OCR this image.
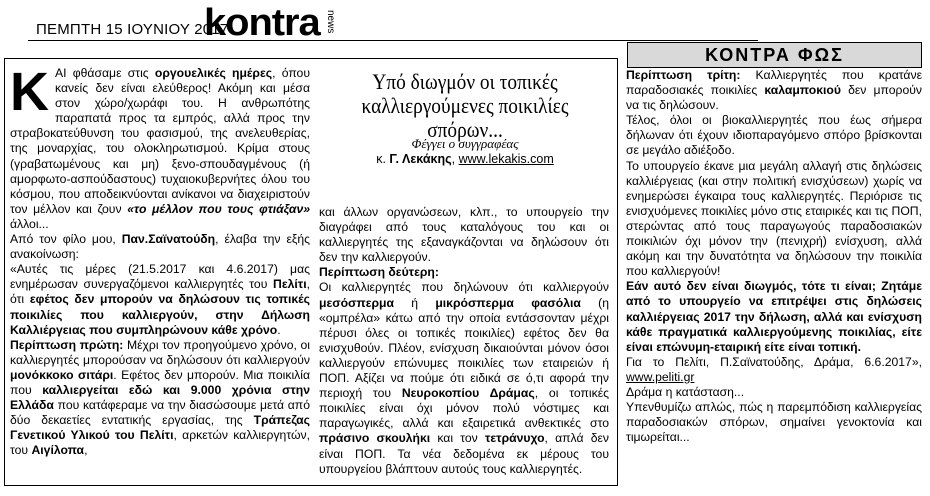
ΠΕΜΠΤΗ 15 ΙΟΥΝΙΟΥ 2017
kontra news
ΚΟΝΤΡΑ ΦΩΣ
Κ ΑΙ φθάσαμε στις οργουελικές ημέρες, όπου κανείς δεν είναι ελεύθερος! Ακόμη και μέσα στον χώρο/χωράφι του. Η ανθρωπότης παραπατά προς τα εμπρός, αλλά προς την στραβοκατεύθυνση του φασισμού, της ανελευθερίας, της μοναρχίας, του ολοκληρωτισμού. Κρίμα στους (γραβατωμένους και μη) ξενο-σπουδαγμένους (ή αμορφωτο-ασπούδαστους) τυχαιοκυβερνήτες όλου του κόσμου, που αποδεικνύονται ανίκανοι να διαχειριστούν τον μέλλον και ζουν «το μέλλον που τους φτιάξαν» άλλοι...

Από τον φίλο μου, Παν.Σαϊνατούδη, έλαβα την εξής ανακοίνωση:

«Αυτές τις μέρες (21.5.2017 και 4.6.2017) μας ενημέρωσαν συνεργαζόμενοι καλλιεργητές του Πελίτι, ότι εφέτος δεν μπορούν να δηλώσουν τις τοπικές ποικιλίες που καλλιεργούν, στην Δήλωση Καλλιέργειας που συμπληρώνουν κάθε χρόνο.

Περίπτωση πρώτη: Μέχρι τον προηγούμενο χρόνο, οι καλλιεργητές μπορούσαν να δηλώσουν ότι καλλιεργούν μονόκκοκο σιτάρι. Εφέτος δεν μπορούν. Μια ποικιλία που καλλιεργείται εδώ και 9.000 χρόνια στην Ελλάδα που κατάφεραμε να την διασώσουμε μετά από δύο δεκαετίες εντατικής εργασίας, της Τράπεζας Γενετικού Υλικού του Πελίτι, αρκετών καλλιεργητών, του Αιγίλοπα,

Υπό διωγμόν οι τοπικές καλλιεργούμενες ποικιλίες σπόρων...
Φέγγει ο συγγραφέας
κ. Γ. Λεκάκης, www.lekakis.com

και άλλων οργανώσεων, κλπ., το υπουργείο την διαγράφει από τους καταλόγους του και οι καλλιεργητές της εξαναγκάζονται να δηλώσουν ότι δεν την καλλιεργούν.

Περίπτωση δεύτερη:

Οι καλλιεργητές που δηλώνουν ότι καλλιεργούν μεσόσπερμα ή μικρόσπερμα φασόλια (η «ομπρέλα» κάτω από την οποία εντάσσονταν μέχρι πέρυσι όλες οι τοπικές ποικιλίες) εφέτος δεν θα ενισχυθούν. Πλέον, ενίσχυση δικαιούνται μόνον όσοι καλλιεργούν επώνυμες ποικιλίες των εταιρειών ή ΠΟΠ. Αξίζει να πούμε ότι ειδικά σε ό,τι αφορά την περιοχή του Νευροκοπίου Δράμας, οι τοπικές ποικιλίες είναι όχι μόνον πολύ νόστιμες και παραγωγικές, αλλά και εξαιρετικά ανθεκτικές στο πράσινο σκουλήκι και τον τετράνυχο, απλά δεν είναι ΠΟΠ. Τα νέα δεδομένα εκ μέρους του υπουργείου βλάπτουν αυτούς τους καλλιεργητές.

Περίπτωση τρίτη: Καλλιεργητές που κρατάνε παραδοσιακές ποικιλίες καλαμποκιού δεν μπορούν να τις δηλώσουν.

Τέλος, όλοι οι βιοκαλλιεργητές που έως σήμερα δήλωναν ότι έχουν ιδιοπαραγόμενο σπόρο βρίσκονται σε μεγάλο αδιέξοδο.

Το υπουργείο έκανε μια μεγάλη αλλαγή στις δηλώσεις καλλιέργειας (και στην πολιτική ενισχύσεων) χωρίς να ενημερώσει έγκαιρα τους καλλιεργητές. Περιόρισε τις ενισχυόμενες ποικιλίες μόνο στις εταιρικές και τις ΠΟΠ, στερώντας από τους παραγωγούς παραδοσιακών ποικιλιών όχι μόνον την (πενιχρή) ενίσχυση, αλλά ακόμη και την δυνατότητα να δηλώσουν την ποικιλία που καλλιεργούν!

Εάν αυτό δεν είναι διωγμός, τότε τι είναι; Ζητάμε από το υπουργείο να επιτρέψει στις δηλώσεις καλλιέργειας 2017 την δήλωση, αλλά και ενίσχυση κάθε πραγματικά καλλιεργούμενης ποικιλίας, είτε είναι επώνυμη-εταιρική είτε είναι τοπική.

Για το Πελίτι, Π.Σαϊνατούδης, Δράμα, 6.6.2017», www.peliti.gr

Δράμα η κατάσταση...

Υπενθυμίζω απλώς, πώς η παρεμπόδιση καλλιεργείας παραδοσιακών σπόρων, σημαίνει γενοκτονία και τιμωρείται...
